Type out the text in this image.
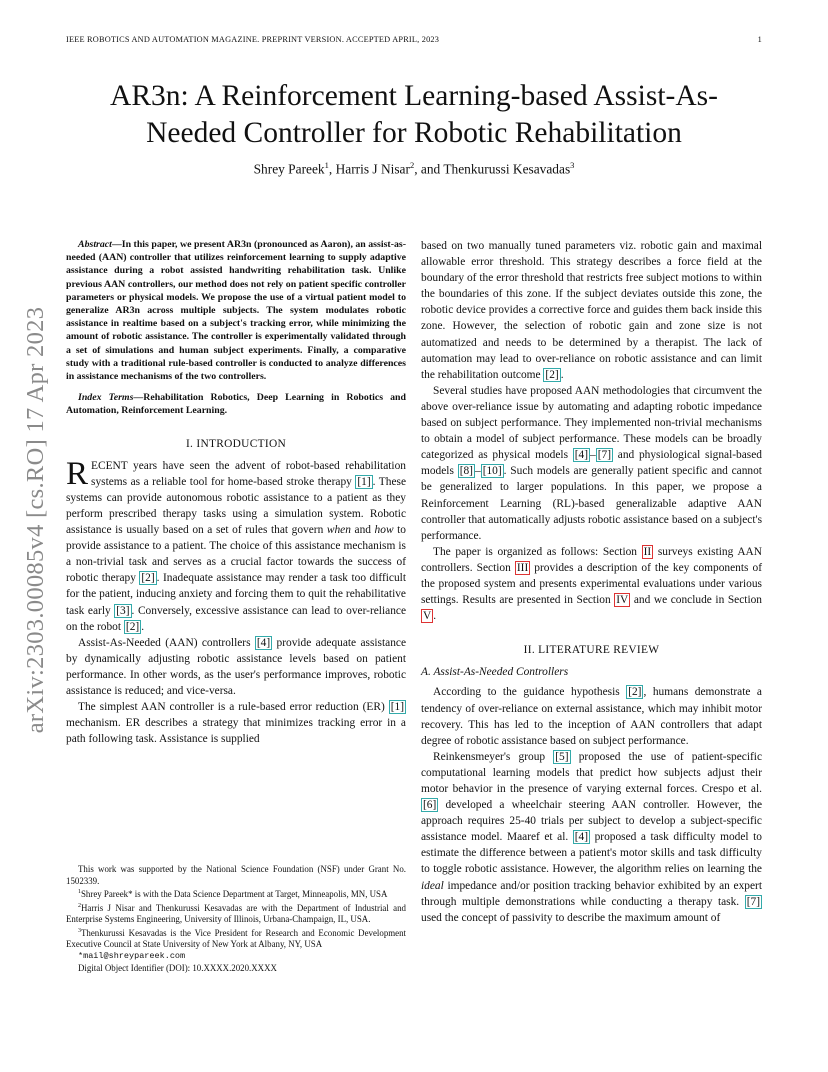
IEEE ROBOTICS AND AUTOMATION MAGAZINE. PREPRINT VERSION. ACCEPTED APRIL, 2023	1
arXiv:2303.00085v4 [cs.RO] 17 Apr 2023
AR3n: A Reinforcement Learning-based Assist-As-Needed Controller for Robotic Rehabilitation
Shrey Pareek$^1$, Harris J Nisar$^2$, and Thenkurussi Kesavadas$^3$

Abstract—In this paper, we present AR3n (pronounced as Aaron), an assist-as-needed (AAN) controller that utilizes reinforcement learning to supply adaptive assistance during a robot assisted handwriting rehabilitation task. Unlike previous AAN controllers, our method does not rely on patient specific controller parameters or physical models. We propose the use of a virtual patient model to generalize AR3n across multiple subjects. The system modulates robotic assistance in realtime based on a subject's tracking error, while minimizing the amount of robotic assistance. The controller is experimentally validated through a set of simulations and human subject experiments. Finally, a comparative study with a traditional rule-based controller is conducted to analyze differences in assistance mechanisms of the two controllers.

Index Terms—Rehabilitation Robotics, Deep Learning in Robotics and Automation, Reinforcement Learning.

I. INTRODUCTION

RECENT years have seen the advent of robot-based rehabilitation systems as a reliable tool for home-based stroke therapy [1] . These systems can provide autonomous robotic assistance to a patient as they perform prescribed therapy tasks using a simulation system. Robotic assistance is usually based on a set of rules that govern when and how to provide assistance to a patient. The choice of this assistance mechanism is a non-trivial task and serves as a crucial factor towards the success of robotic therapy [2] . Inadequate assistance may render a task too difficult for the patient, inducing anxiety and forcing them to quit the rehabilitative task early [3] . Conversely, excessive assistance can lead to over-reliance on the robot [2] .

Assist-As-Needed (AAN) controllers [4] provide adequate assistance by dynamically adjusting robotic assistance levels based on patient performance. In other words, as the user's performance improves, robotic assistance is reduced; and vice-versa.

The simplest AAN controller is a rule-based error reduction (ER) [1] mechanism. ER describes a strategy that minimizes tracking error in a path following task. Assistance is supplied

This work was supported by the National Science Foundation (NSF) under Grant No. 1502339.

$^1$Shrey Pareek* is with the Data Science Department at Target, Minneapolis, MN, USA

$^2$Harris J Nisar and Thenkurussi Kesavadas are with the Department of Industrial and Enterprise Systems Engineering, University of Illinois, Urbana-Champaign, IL, USA.

$^3$Thenkurussi Kesavadas is the Vice President for Research and Economic Development Executive Council at State University of New York at Albany, NY, USA

*mail@shreypareek.com

Digital Object Identifier (DOI): 10.XXXX.2020.XXXX

based on two manually tuned parameters viz. robotic gain and maximal allowable error threshold. This strategy describes a force field at the boundary of the error threshold that restricts free subject motions to within the boundaries of this zone. If the subject deviates outside this zone, the robotic device provides a corrective force and guides them back inside this zone. However, the selection of robotic gain and zone size is not automatized and needs to be determined by a therapist. The lack of automation may lead to over-reliance on robotic assistance and can limit the rehabilitation outcome [2] .

Several studies have proposed AAN methodologies that circumvent the above over-reliance issue by automating and adapting robotic impedance based on subject performance. They implemented non-trivial mechanisms to obtain a model of subject performance. These models can be broadly categorized as physical models [4] – [7] and physiological signal-based models [8] – [10] . Such models are generally patient specific and cannot be generalized to larger populations. In this paper, we propose a Reinforcement Learning (RL)-based generalizable adaptive AAN controller that automatically adjusts robotic assistance based on a subject's performance.

The paper is organized as follows: Section II surveys existing AAN controllers. Section III provides a description of the key components of the proposed system and presents experimental evaluations under various settings. Results are presented in Section IV and we conclude in Section V .

II. LITERATURE REVIEW

A. Assist-As-Needed Controllers

According to the guidance hypothesis [2] , humans demonstrate a tendency of over-reliance on external assistance, which may inhibit motor recovery. This has led to the inception of AAN controllers that adapt degree of robotic assistance based on subject performance.

Reinkensmeyer's group [5] proposed the use of patient-specific computational learning models that predict how subjects adjust their motor behavior in the presence of varying external forces. Crespo et al. [6] developed a wheelchair steering AAN controller. However, the approach requires 25-40 trials per subject to develop a subject-specific assistance model. Maaref et al. [4] proposed a task difficulty model to estimate the difference between a patient's motor skills and task difficulty to toggle robotic assistance. However, the algorithm relies on learning the ideal impedance and/or position tracking behavior exhibited by an expert through multiple demonstrations while conducting a therapy task. [7] used the concept of passivity to describe the maximum amount of
